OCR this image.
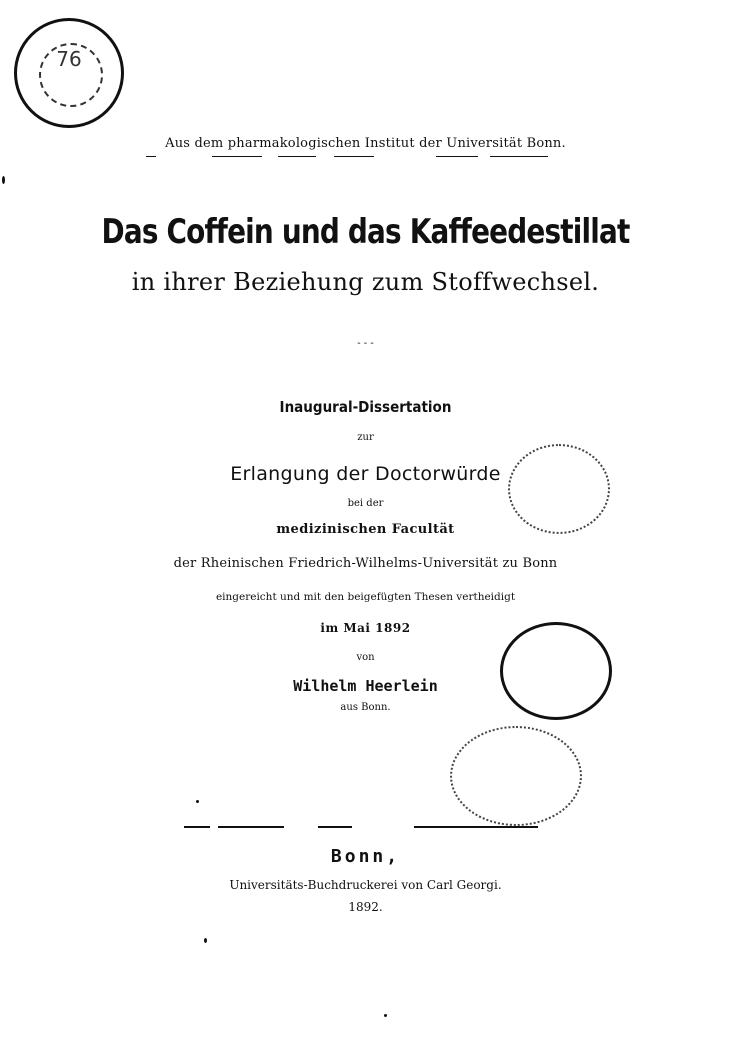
76
Aus dem pharmakologischen Institut der Universität Bonn.
Das Coffein und das Kaffeedestillat
in ihrer Beziehung zum Stoffwechsel.
- - -
Inaugural-Dissertation
zur
Erlangung der Doctorwürde
bei der
medizinischen Facultät
der Rheinischen Friedrich-Wilhelms-Universität zu Bonn
eingereicht und mit den beigefügten Thesen vertheidigt
im Mai 1892
von
Wilhelm Heerlein
aus Bonn.
Bonn,
Universitäts-Buchdruckerei von Carl Georgi.
1892.
